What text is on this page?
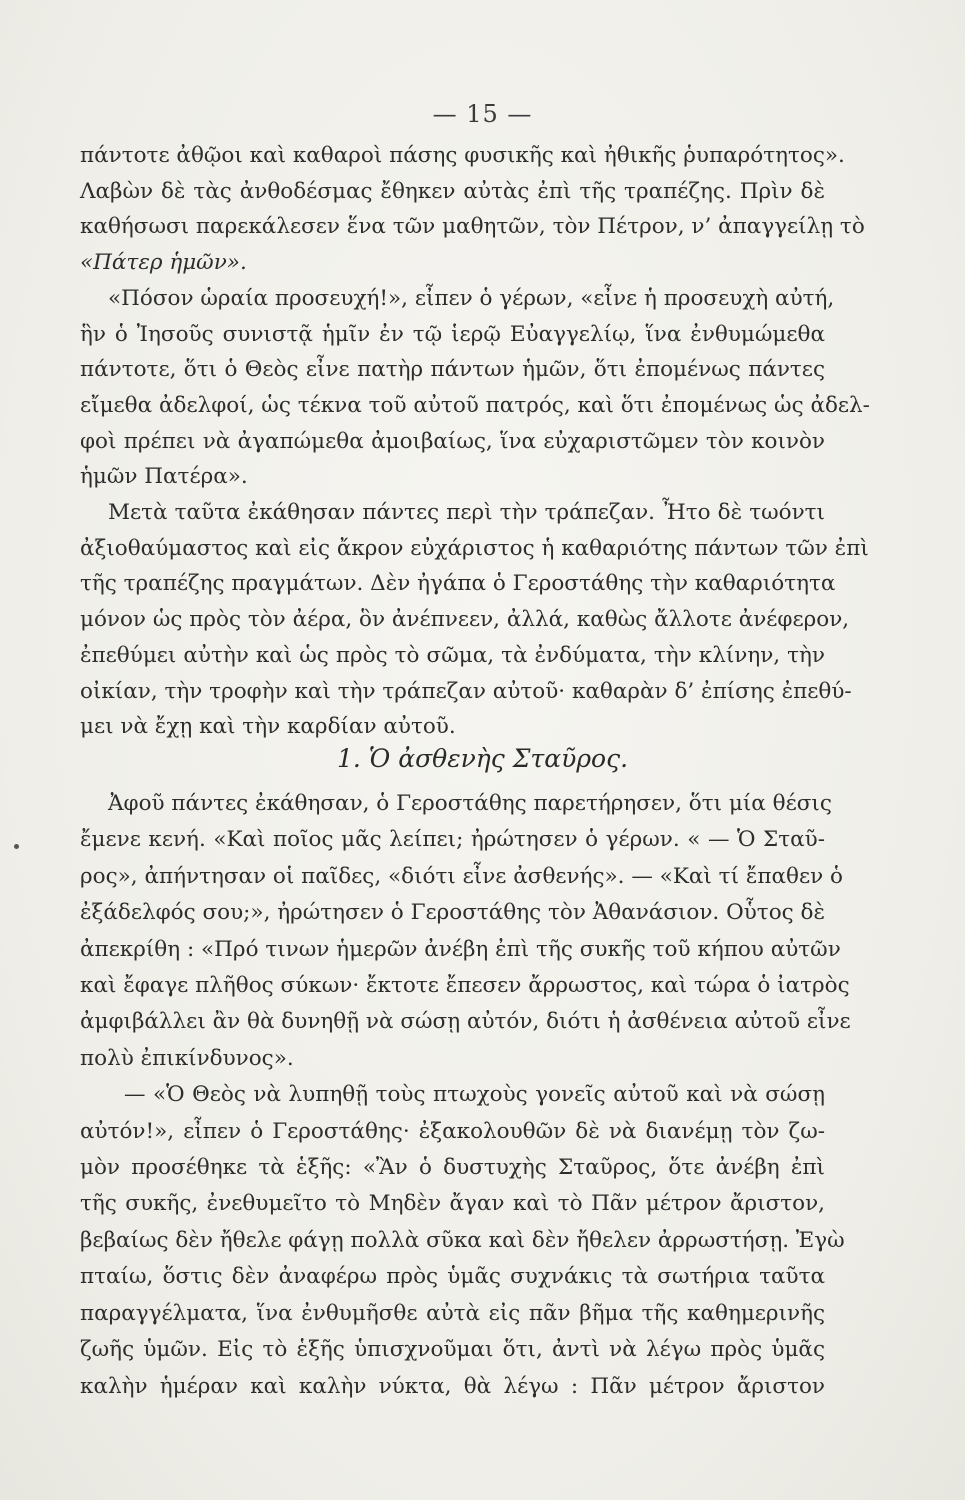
— 15 —
πάντοτε ἀθῷοι καὶ καθαροὶ πάσης φυσικῆς καὶ ἠθικῆς ῥυπαρότητος».
Λαβὼν δὲ τὰς ἀνθοδέσμας ἔθηκεν αὐτὰς ἐπὶ τῆς τραπέζης. Πρὶν δὲ
καθήσωσι παρεκάλεσεν ἕνα τῶν μαθητῶν, τὸν Πέτρον, ν’ ἀπαγγείλῃ τὸ
«Πάτερ ἡμῶν».
«Πόσον ὡραία προσευχή!», εἶπεν ὁ γέρων, «εἶνε ἡ προσευχὴ αὐτή,
ἣν ὁ Ἰησοῦς συνιστᾷ ἡμῖν ἐν τῷ ἱερῷ Εὐαγγελίῳ, ἵνα ἐνθυμώμεθα
πάντοτε, ὅτι ὁ Θεὸς εἶνε πατὴρ πάντων ἡμῶν, ὅτι ἐπομένως πάντες
εἴμεθα ἀδελφοί, ὡς τέκνα τοῦ αὐτοῦ πατρός, καὶ ὅτι ἐπομένως ὡς ἀδελ-
φοὶ πρέπει νὰ ἀγαπώμεθα ἀμοιβαίως, ἵνα εὐχαριστῶμεν τὸν κοινὸν
ἡμῶν Πατέρα».
Μετὰ ταῦτα ἐκάθησαν πάντες περὶ τὴν τράπεζαν. Ἦτο δὲ τωόντι
ἀξιοθαύμαστος καὶ εἰς ἄκρον εὐχάριστος ἡ καθαριότης πάντων τῶν ἐπὶ
τῆς τραπέζης πραγμάτων. Δὲν ἠγάπα ὁ Γεροστάθης τὴν καθαριότητα
μόνον ὡς πρὸς τὸν ἀέρα, ὃν ἀνέπνεεν, ἀλλά, καθὼς ἄλλοτε ἀνέφερον,
ἐπεθύμει αὐτὴν καὶ ὡς πρὸς τὸ σῶμα, τὰ ἐνδύματα, τὴν κλίνην, τὴν
οἰκίαν, τὴν τροφὴν καὶ τὴν τράπεζαν αὐτοῦ· καθαρὰν δ’ ἐπίσης ἐπεθύ-
μει νὰ ἔχῃ καὶ τὴν καρδίαν αὐτοῦ.
1. Ὁ ἀσθενὴς Σταῦρος.
Ἀφοῦ πάντες ἐκάθησαν, ὁ Γεροστάθης παρετήρησεν, ὅτι μία θέσις
ἔμενε κενή. «Καὶ ποῖος μᾶς λείπει; ἠρώτησεν ὁ γέρων. « — Ὁ Σταῦ-
ρος», ἀπήντησαν οἱ παῖδες, «διότι εἶνε ἀσθενής». — «Καὶ τί ἔπαθεν ὁ
ἐξάδελφός σου;», ἠρώτησεν ὁ Γεροστάθης τὸν Ἀθανάσιον. Οὗτος δὲ
ἀπεκρίθη : «Πρό τινων ἡμερῶν ἀνέβη ἐπὶ τῆς συκῆς τοῦ κήπου αὐτῶν
καὶ ἔφαγε πλῆθος σύκων· ἔκτοτε ἔπεσεν ἄρρωστος, καὶ τώρα ὁ ἰατρὸς
ἀμφιβάλλει ἂν θὰ δυνηθῇ νὰ σώσῃ αὐτόν, διότι ἡ ἀσθένεια αὐτοῦ εἶνε
πολὺ ἐπικίνδυνος».
— «Ὁ Θεὸς νὰ λυπηθῇ τοὺς πτωχοὺς γονεῖς αὐτοῦ καὶ νὰ σώσῃ
αὐτόν!», εἶπεν ὁ Γεροστάθης· ἐξακολουθῶν δὲ νὰ διανέμῃ τὸν ζω-
μὸν προσέθηκε τὰ ἑξῆς: «Ἂν ὁ δυστυχὴς Σταῦρος, ὅτε ἀνέβη ἐπὶ
τῆς συκῆς, ἐνεθυμεῖτο τὸ Μηδὲν ἄγαν καὶ τὸ Πᾶν μέτρον ἄριστον,
βεβαίως δὲν ἤθελε φάγῃ πολλὰ σῦκα καὶ δὲν ἤθελεν ἀρρωστήσῃ. Ἐγὼ
πταίω, ὅστις δὲν ἀναφέρω πρὸς ὑμᾶς συχνάκις τὰ σωτήρια ταῦτα
παραγγέλματα, ἵνα ἐνθυμῆσθε αὐτὰ εἰς πᾶν βῆμα τῆς καθημερινῆς
ζωῆς ὑμῶν. Εἰς τὸ ἑξῆς ὑπισχνοῦμαι ὅτι, ἀντὶ νὰ λέγω πρὸς ὑμᾶς
καλὴν ἡμέραν καὶ καλὴν νύκτα, θὰ λέγω : Πᾶν μέτρον ἄριστον
